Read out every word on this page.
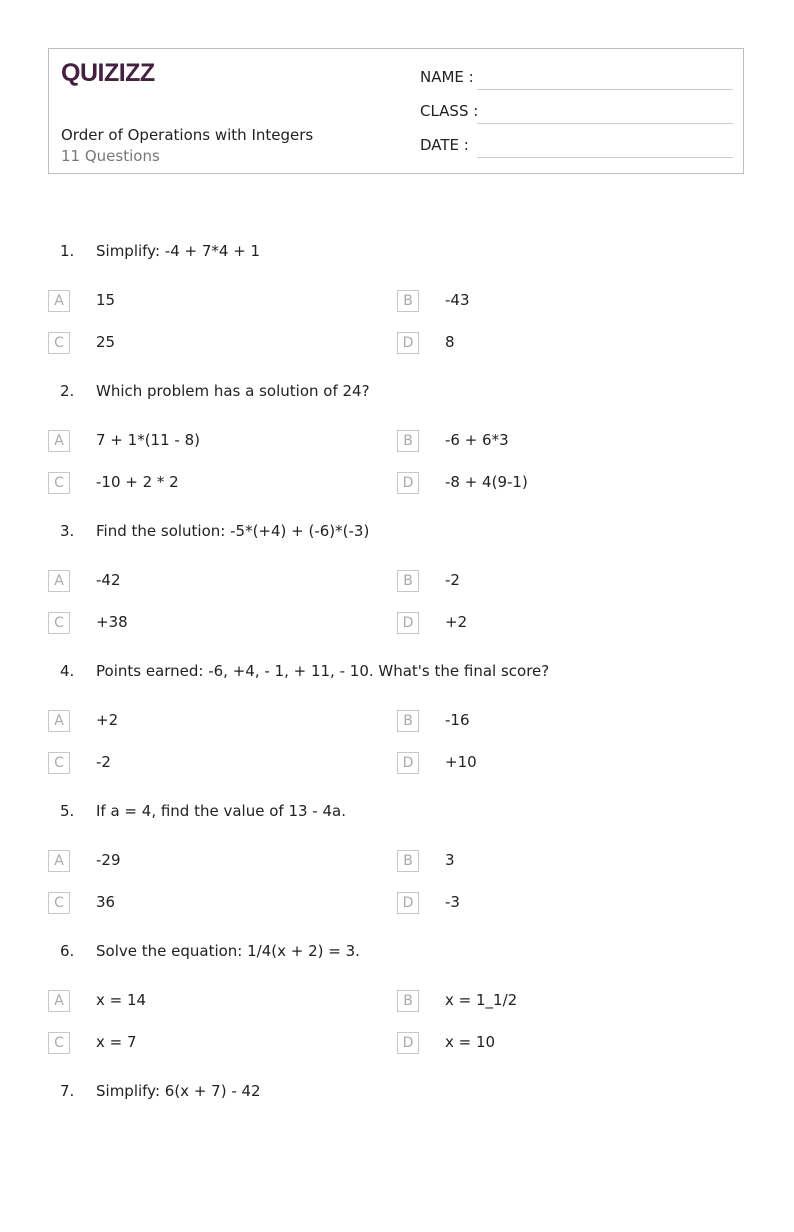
QUIZIZZ
Order of Operations with Integers
11 Questions
NAME :
CLASS :
DATE :
1. Simplify: -4 + 7*4 + 1
A	15	B	-43
C	25	D	8
2. Which problem has a solution of 24?
A	7 + 1*(11 - 8)	B	-6 + 6*3
C	-10 + 2 * 2	D	-8 + 4(9-1)
3. Find the solution: -5*(+4) + (-6)*(-3)
A	-42	B	-2
C	+38	D	+2
4. Points earned: -6, +4, - 1, + 11, - 10. What's the final score?
A	+2	B	-16
C	-2	D	+10
5. If a = 4, find the value of 13 - 4a.
A	-29	B	3
C	36	D	-3
6. Solve the equation: 1/4(x + 2) = 3.
A	x = 14	B	x = 1_1/2
C	x = 7	D	x = 10
7. Simplify: 6(x + 7) - 42
